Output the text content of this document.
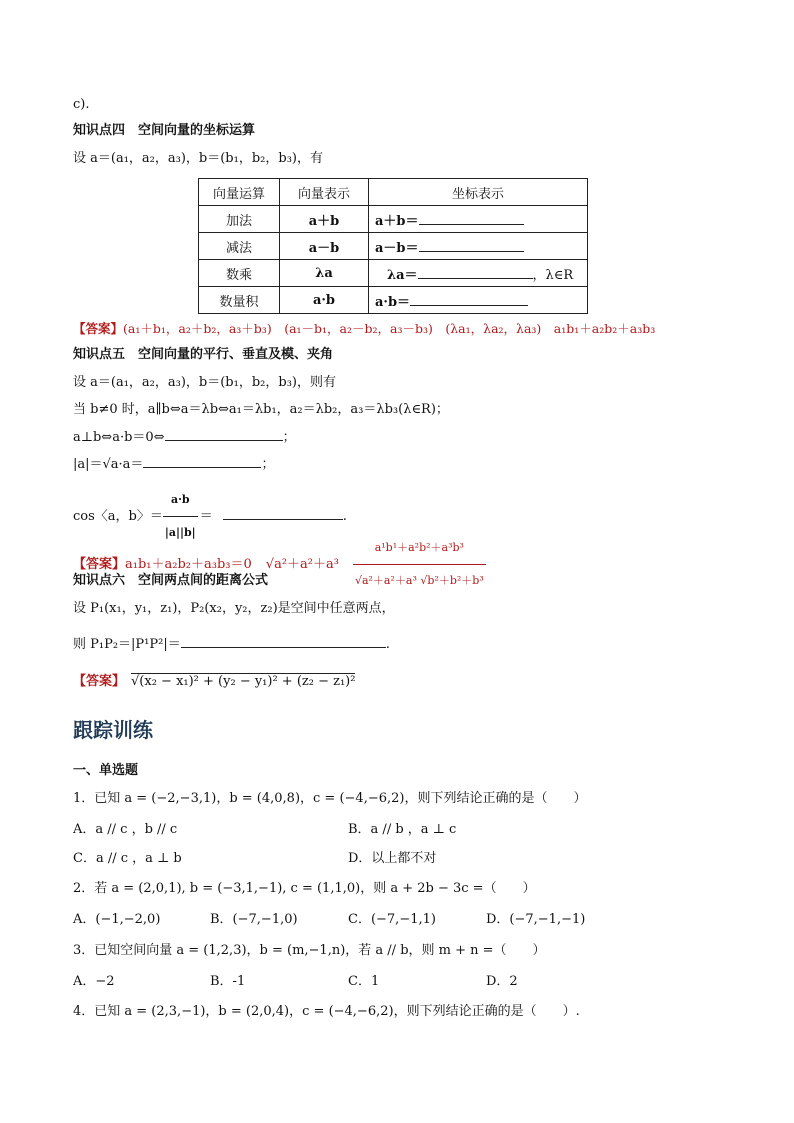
c).
知识点四　空间向量的坐标运算
设 a＝(a₁，a₂，a₃)，b＝(b₁，b₂，b₃)，有
向量运算	向量表示	坐标表示
加法	a＋b	a＋b＝
减法	a－b	a－b＝
数乘	λa	λa＝ ，λ∈R
数量积	a·b	a·b＝
【答案】(a₁＋b₁，a₂＋b₂，a₃＋b₃)　(a₁－b₁，a₂－b₂，a₃－b₃)　(λa₁，λa₂，λa₃)　a₁b₁＋a₂b₂＋a₃b₃
知识点五　空间向量的平行、垂直及模、夹角
设 a＝(a₁，a₂，a₃)，b＝(b₁，b₂，b₃)，则有
当 b≠0 时，a∥b⇔a＝λb⇔a₁＝λb₁，a₂＝λb₂，a₃＝λb₃(λ∈R)；
a⊥b⇔a·b＝0⇔	；
|a|＝√a·a＝	；
cos〈a，b〉＝ $\frac{a\cdot b}{|a||b|}$ ＝	.
【答案】a₁b₁＋a₂b₂＋a₃b₃＝0 $√a^2+a^2+a^3 \frac{\text{a¹b¹＋a²b²＋a³b³}}{\text{√a²＋a²＋a³ √b²＋b²＋b³}}$
知识点六　空间两点间的距离公式
设 P₁(x₁，y₁，z₁)，P₂(x₂，y₂，z₂)是空间中任意两点，
则 P₁P₂＝|P¹P²|＝	.
【答案】 √(x₂ − x₁)² + (y₂ − y₁)² + (z₂ − z₁)²
跟踪训练
一、单选题
1．已知 a = (−2,−3,1)，b = (4,0,8)，c = (−4,−6,2)，则下列结论正确的是（　　）
A．a // c ，b // c	B．a // b ，a ⊥ c
C．a // c ，a ⊥ b	D．以上都不对
2．若 a = (2,0,1), b = (−3,1,−1), c = (1,1,0)，则 a + 2b − 3c =（　　）
A．(−1,−2,0)	B．(−7,−1,0)	C．(−7,−1,1)	D．(−7,−1,−1)
3．已知空间向量 a = (1,2,3)，b = (m,−1,n)，若 a // b，则 m + n =（　　）
A．−2	B．-1	C．1	D．2
4．已知 a = (2,3,−1)，b = (2,0,4)，c = (−4,−6,2)，则下列结论正确的是（　　）.
